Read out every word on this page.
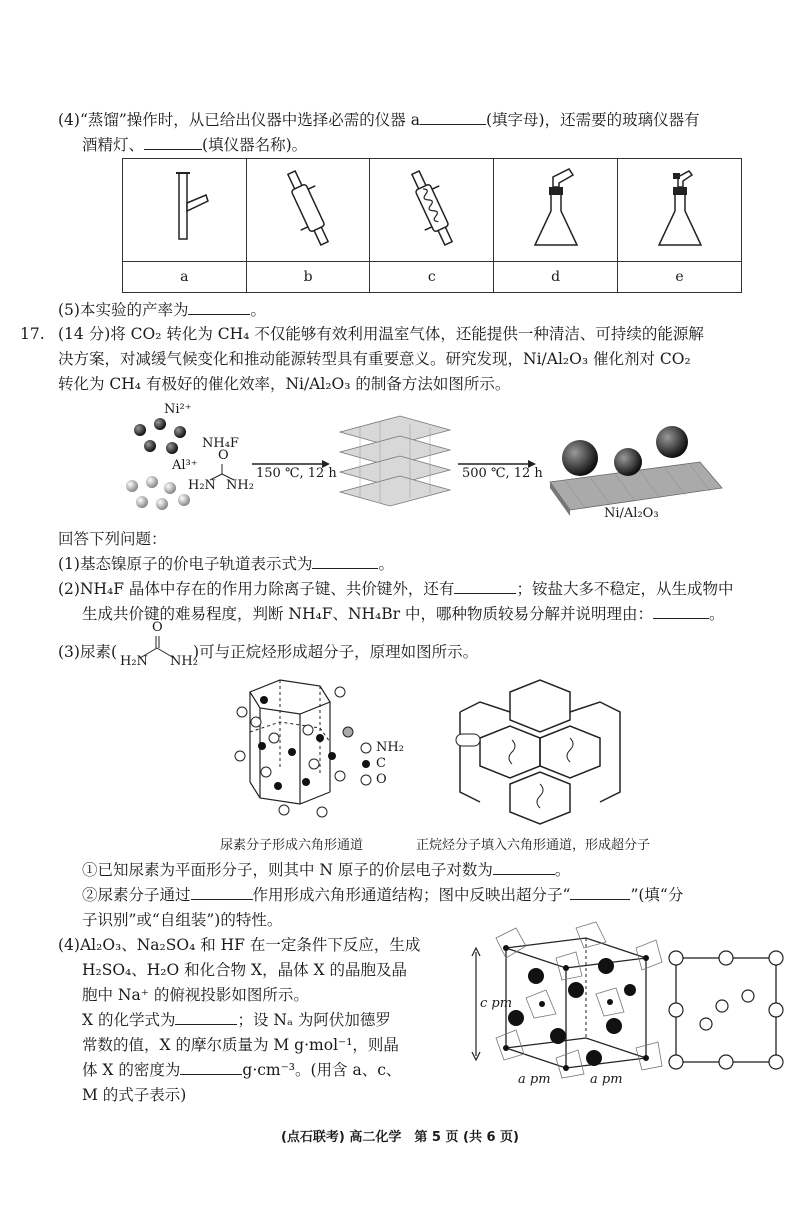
(4)“蒸馏”操作时，从已给出仪器中选择必需的仪器 a	(填字母)，还需要的玻璃仪器有
酒精灯、	(填仪器名称)。

a	b	c	d	e
(5)本实验的产率为	。
17. (14 分)将 CO₂ 转化为 CH₄ 不仅能够有效利用温室气体，还能提供一种清洁、可持续的能源解
决方案，对减缓气候变化和推动能源转型具有重要意义。研究发现，Ni/Al₂O₃ 催化剂对 CO₂
转化为 CH₄ 有极好的催化效率，Ni/Al₂O₃ 的制备方法如图所示。
Ni²⁺
NH₄F
Al³⁺
O
H₂N NH₂
150 ℃, 12 h	500 ℃, 12 h
Ni/Al₂O₃
回答下列问题：
(1)基态镍原子的价电子轨道表示式为	。
(2)NH₄F 晶体中存在的作用力除离子键、共价键外，还有	；铵盐大多不稳定，从生成物中
生成共价键的难易程度，判断 NH₄F、NH₄Br 中，哪种物质较易分解并说明理由：	。
(3)尿素(	)可与正烷烃形成超分子，原理如图所示。
O
H₂N NH₂
NH₂
C
O
尿素分子形成六角形通道	正烷烃分子填入六角形通道，形成超分子
①已知尿素为平面形分子，则其中 N 原子的价层电子对数为	。
②尿素分子通过	作用形成六角形通道结构；图中反映出超分子“	”(填“分
子识别”或“自组装”)的特性。
(4)Al₂O₃、Na₂SO₄ 和 HF 在一定条件下反应，生成
H₂SO₄、H₂O 和化合物 X，晶体 X 的晶胞及晶
胞中 Na⁺ 的俯视投影如图所示。
X 的化学式为	；设 Nₐ 为阿伏加德罗
常数的值，X 的摩尔质量为 M g·mol⁻¹，则晶
体 X 的密度为	g·cm⁻³。(用含 a、c、
M 的式子表示)
c pm
a pm	a pm
(点石联考) 高二化学　第 5 页 (共 6 页)
